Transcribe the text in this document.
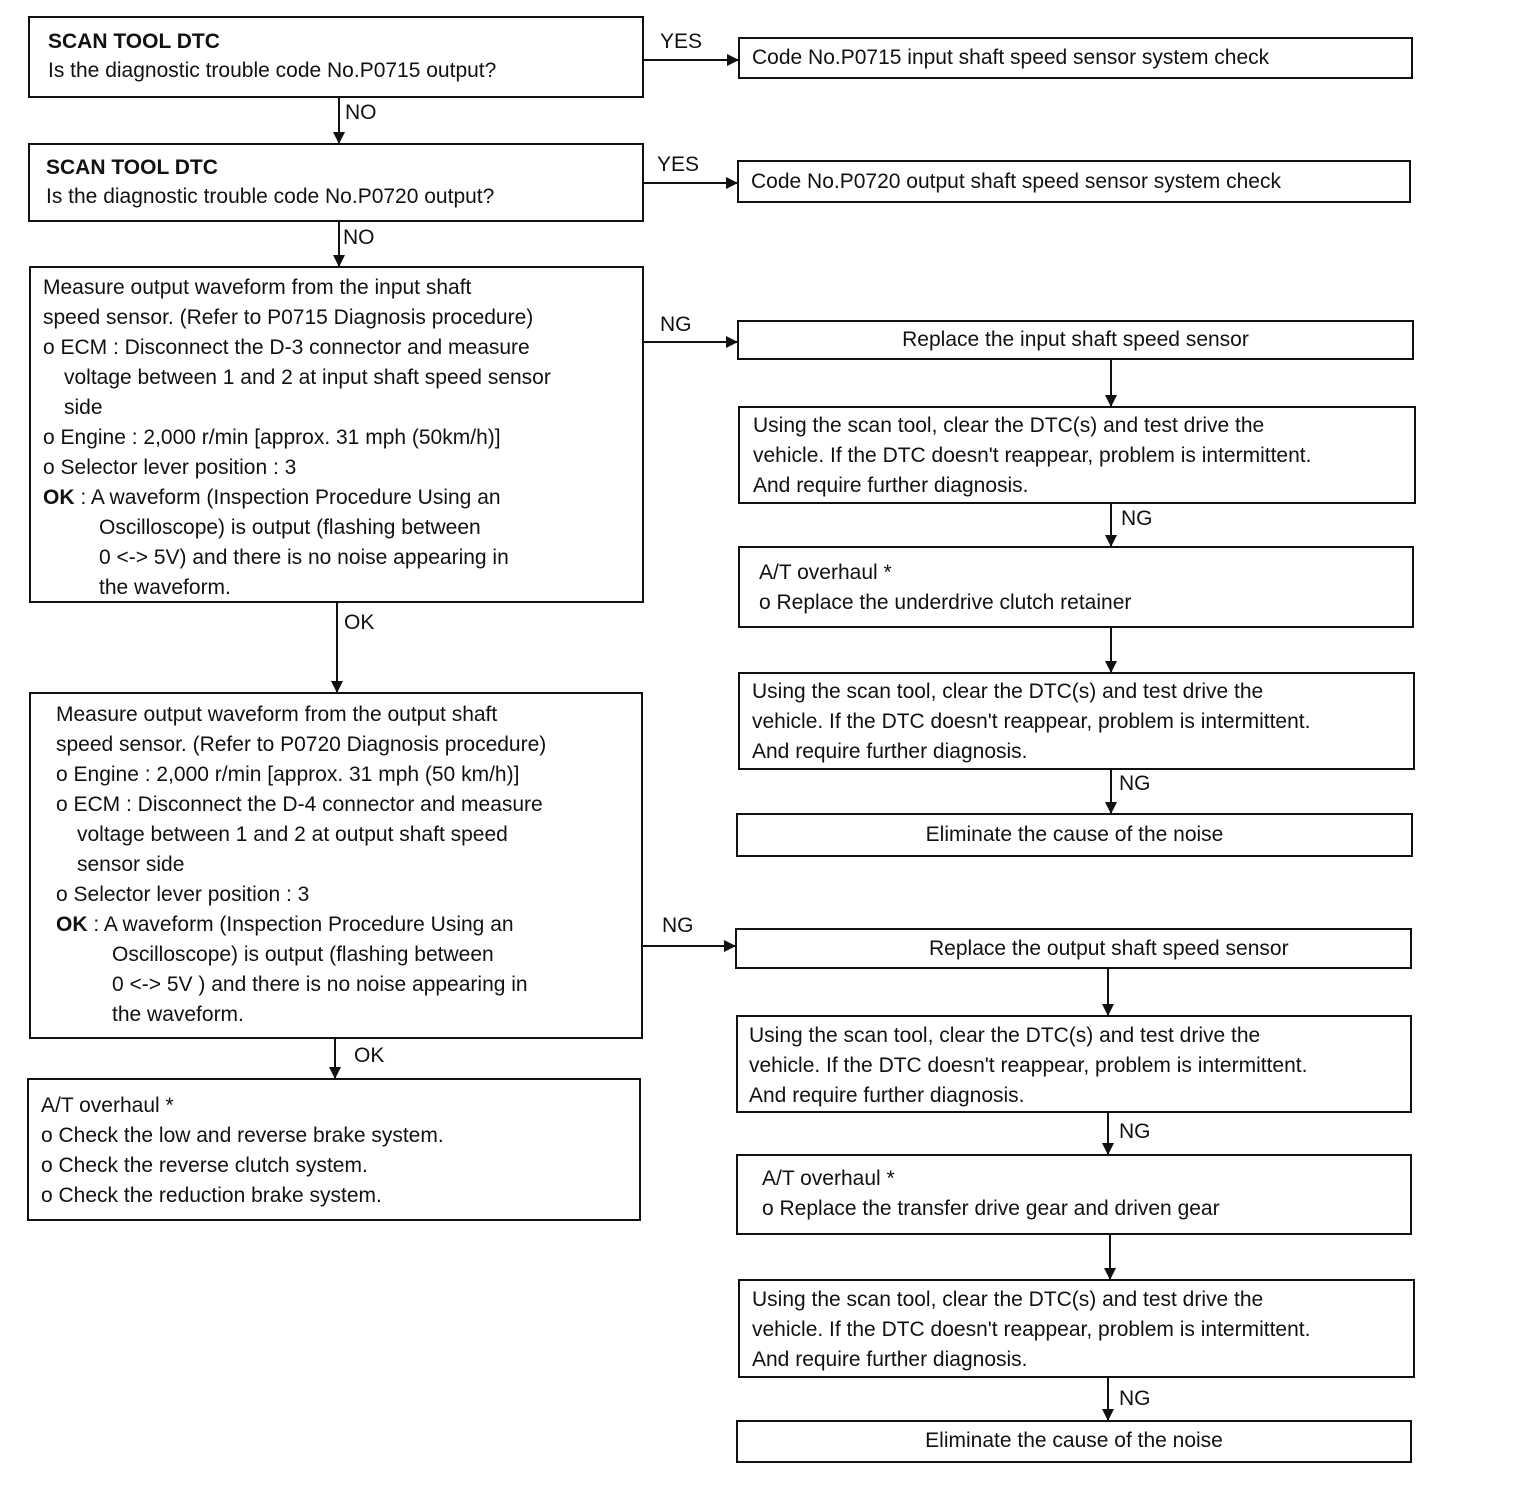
YES
NO
YES
NO
NG
OK
NG
OK
NG
NG
NG
NG
SCAN TOOL DTC
Is the diagnostic trouble code No.P0715 output?
SCAN TOOL DTC
Is the diagnostic trouble code No.P0720 output?
Measure output waveform from the input shaft
speed sensor. (Refer to P0715 Diagnosis procedure)
o ECM : Disconnect the D-3 connector and measure
voltage between 1 and 2 at input shaft speed sensor
side
o Engine : 2,000 r/min [approx. 31 mph (50km/h)]
o Selector lever position : 3
OK : A waveform (Inspection Procedure Using an
Oscilloscope) is output (flashing between
0 <-> 5V) and there is no noise appearing in
the waveform.
Measure output waveform from the output shaft
speed sensor. (Refer to P0720 Diagnosis procedure)
o Engine : 2,000 r/min [approx. 31 mph (50 km/h)]
o ECM : Disconnect the D-4 connector and measure
voltage between 1 and 2 at output shaft speed
sensor side
o Selector lever position : 3
OK : A waveform (Inspection Procedure Using an
Oscilloscope) is output (flashing between
0 <-> 5V ) and there is no noise appearing in
the waveform.
A/T overhaul *
o Check the low and reverse brake system.
o Check the reverse clutch system.
o Check the reduction brake system.
Code No.P0715 input shaft speed sensor system check
Code No.P0720 output shaft speed sensor system check
Replace the input shaft speed sensor
Using the scan tool, clear the DTC(s) and test drive the
vehicle. If the DTC doesn't reappear, problem is intermittent.
And require further diagnosis.
A/T overhaul *
o Replace the underdrive clutch retainer
Using the scan tool, clear the DTC(s) and test drive the
vehicle. If the DTC doesn't reappear, problem is intermittent.
And require further diagnosis.
Eliminate the cause of the noise
Replace the output shaft speed sensor
Using the scan tool, clear the DTC(s) and test drive the
vehicle. If the DTC doesn't reappear, problem is intermittent.
And require further diagnosis.
A/T overhaul *
o Replace the transfer drive gear and driven gear
Using the scan tool, clear the DTC(s) and test drive the
vehicle. If the DTC doesn't reappear, problem is intermittent.
And require further diagnosis.
Eliminate the cause of the noise
